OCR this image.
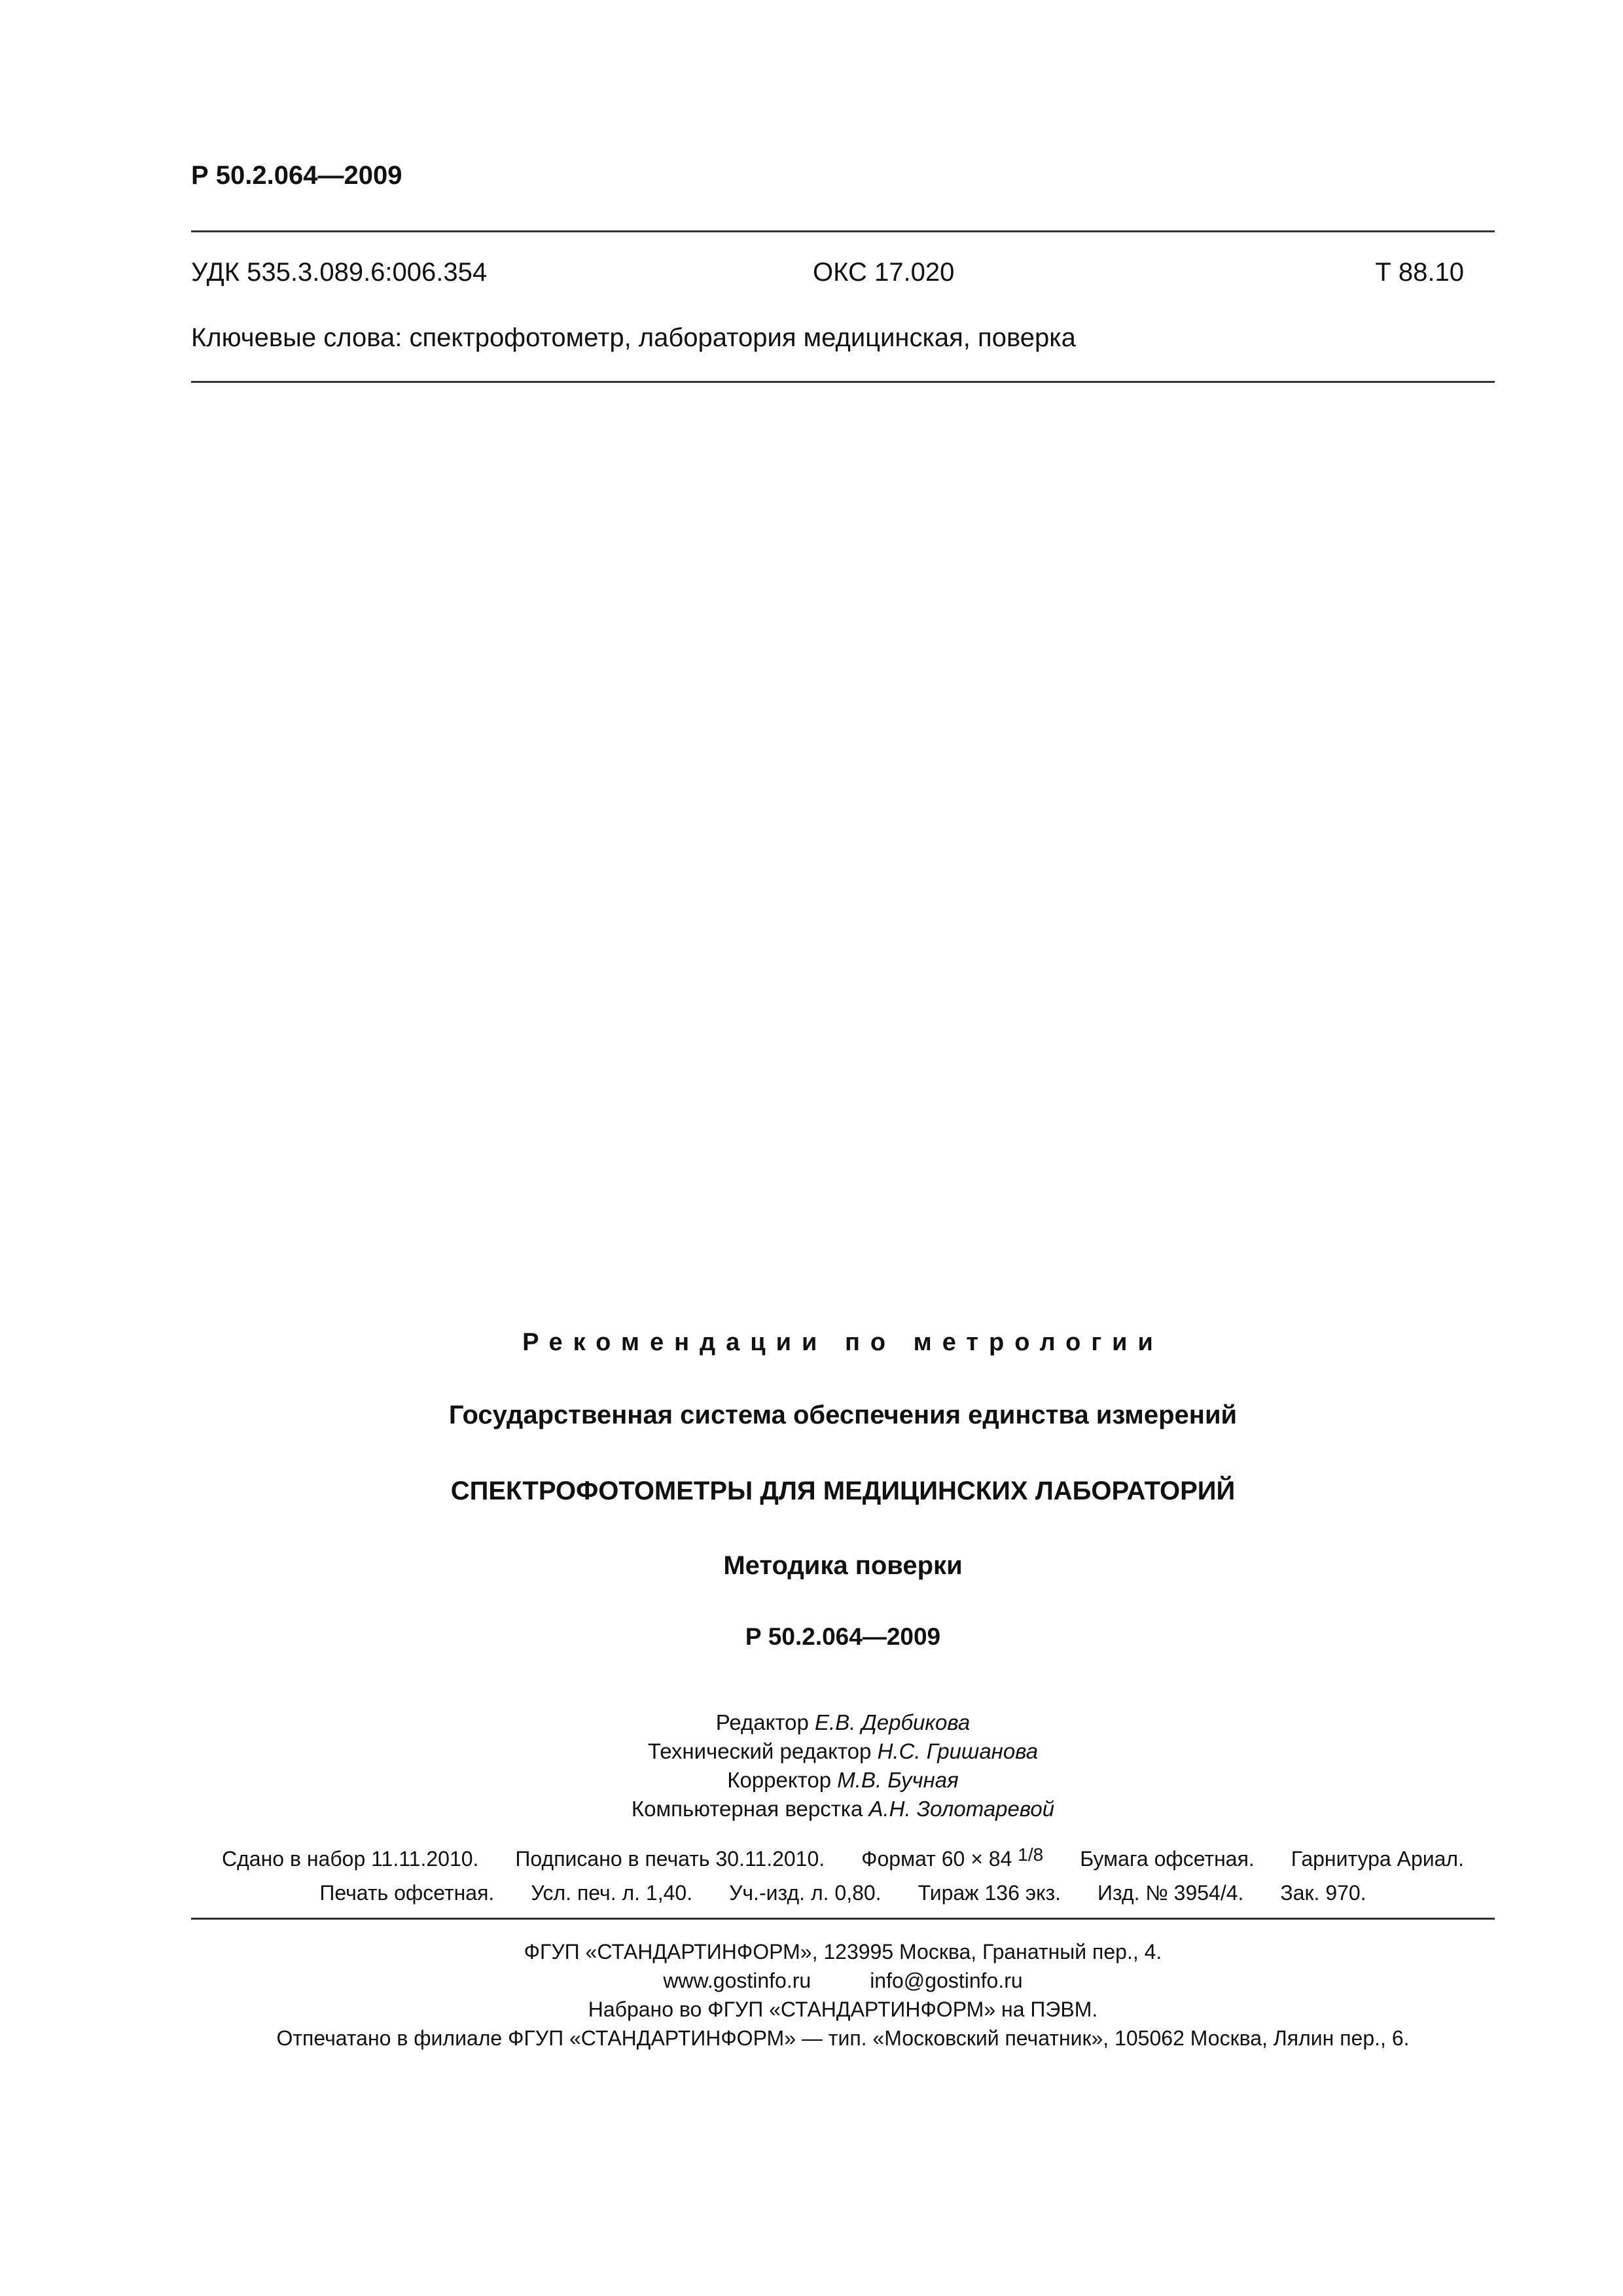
Р 50.2.064—2009
УДК 535.3.089.6:006.354	ОКС 17.020	Т 88.10
Ключевые слова: спектрофотометр, лаборатория медицинская, поверка
Рекомендации по метрологии
Государственная система обеспечения единства измерений
СПЕКТРОФОТОМЕТРЫ ДЛЯ МЕДИЦИНСКИХ ЛАБОРАТОРИЙ
Методика поверки
Р 50.2.064—2009
Редактор Е.В. Дербикова
Технический редактор Н.С. Гришанова
Корректор М.В. Бучная
Компьютерная верстка А.Н. Золотаревой
Сдано в набор 11.11.2010. Подписано в печать 30.11.2010. Формат 60 × 84 1/8 Бумага офсетная. Гарнитура Ариал.
Печать офсетная. Усл. печ. л. 1,40. Уч.-изд. л. 0,80. Тираж 136 экз. Изд. № 3954/4. Зак. 970.
ФГУП «СТАНДАРТИНФОРМ», 123995 Москва, Гранатный пер., 4.
www.gostinfo.ru	info@gostinfo.ru
Набрано во ФГУП «СТАНДАРТИНФОРМ» на ПЭВМ.
Отпечатано в филиале ФГУП «СТАНДАРТИНФОРМ» — тип. «Московский печатник», 105062 Москва, Лялин пер., 6.
